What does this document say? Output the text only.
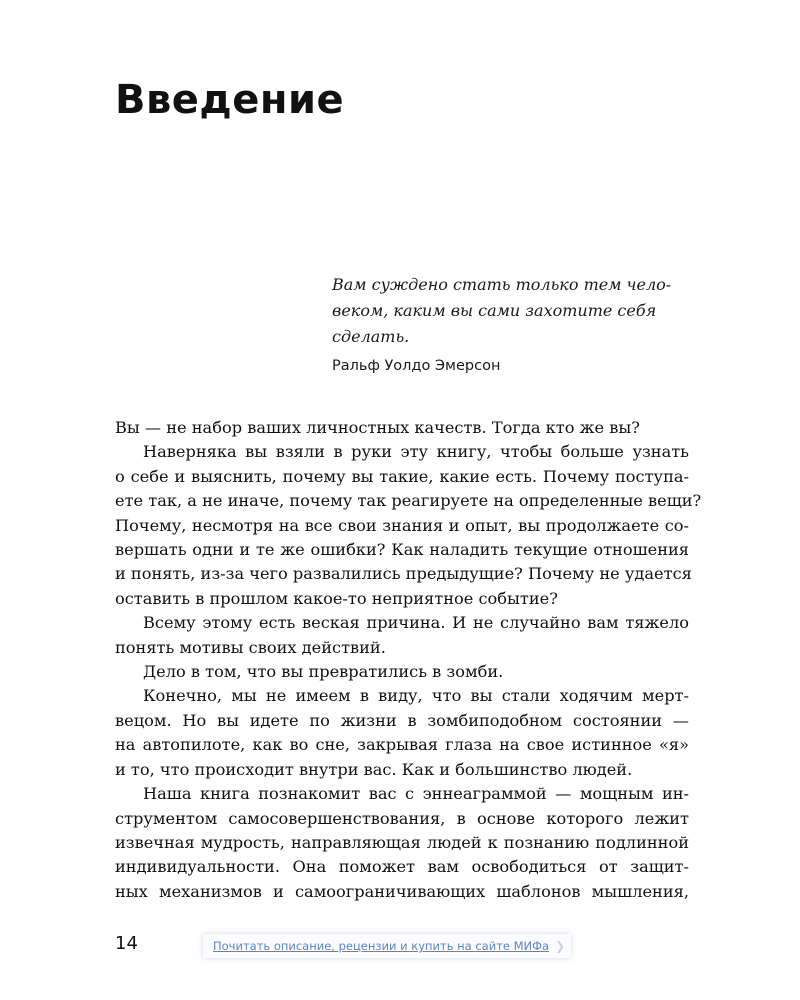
Введение
Вам суждено стать только тем чело-
веком, каким вы сами захотите себя
сделать.
Ральф Уолдо Эмерсон
Вы — не набор ваших личностных качеств. Тогда кто же вы?
Наверняка вы взяли в руки эту книгу, чтобы больше узнать
о себе и выяснить, почему вы такие, какие есть. Почему поступа-
ете так, а не иначе, почему так реагируете на определенные вещи?
Почему, несмотря на все свои знания и опыт, вы продолжаете со-
вершать одни и те же ошибки? Как наладить текущие отношения
и понять, из-за чего развалились предыдущие? Почему не удается
оставить в прошлом какое-то неприятное событие?
Всему этому есть веская причина. И не случайно вам тяжело
понять мотивы своих действий.
Дело в том, что вы превратились в зомби.
Конечно, мы не имеем в виду, что вы стали ходячим мерт-
вецом. Но вы идете по жизни в зомбиподобном состоянии —
на автопилоте, как во сне, закрывая глаза на свое истинное «я»
и то, что происходит внутри вас. Как и большинство людей.
Наша книга познакомит вас с эннеаграммой — мощным ин-
струментом самосовершенствования, в основе которого лежит
извечная мудрость, направляющая людей к познанию подлинной
индивидуальности. Она поможет вам освободиться от защит-
ных механизмов и самоограничивающих шаблонов мышления,
14	Почитать описание, рецензии и купить на сайте МИФа ❯
